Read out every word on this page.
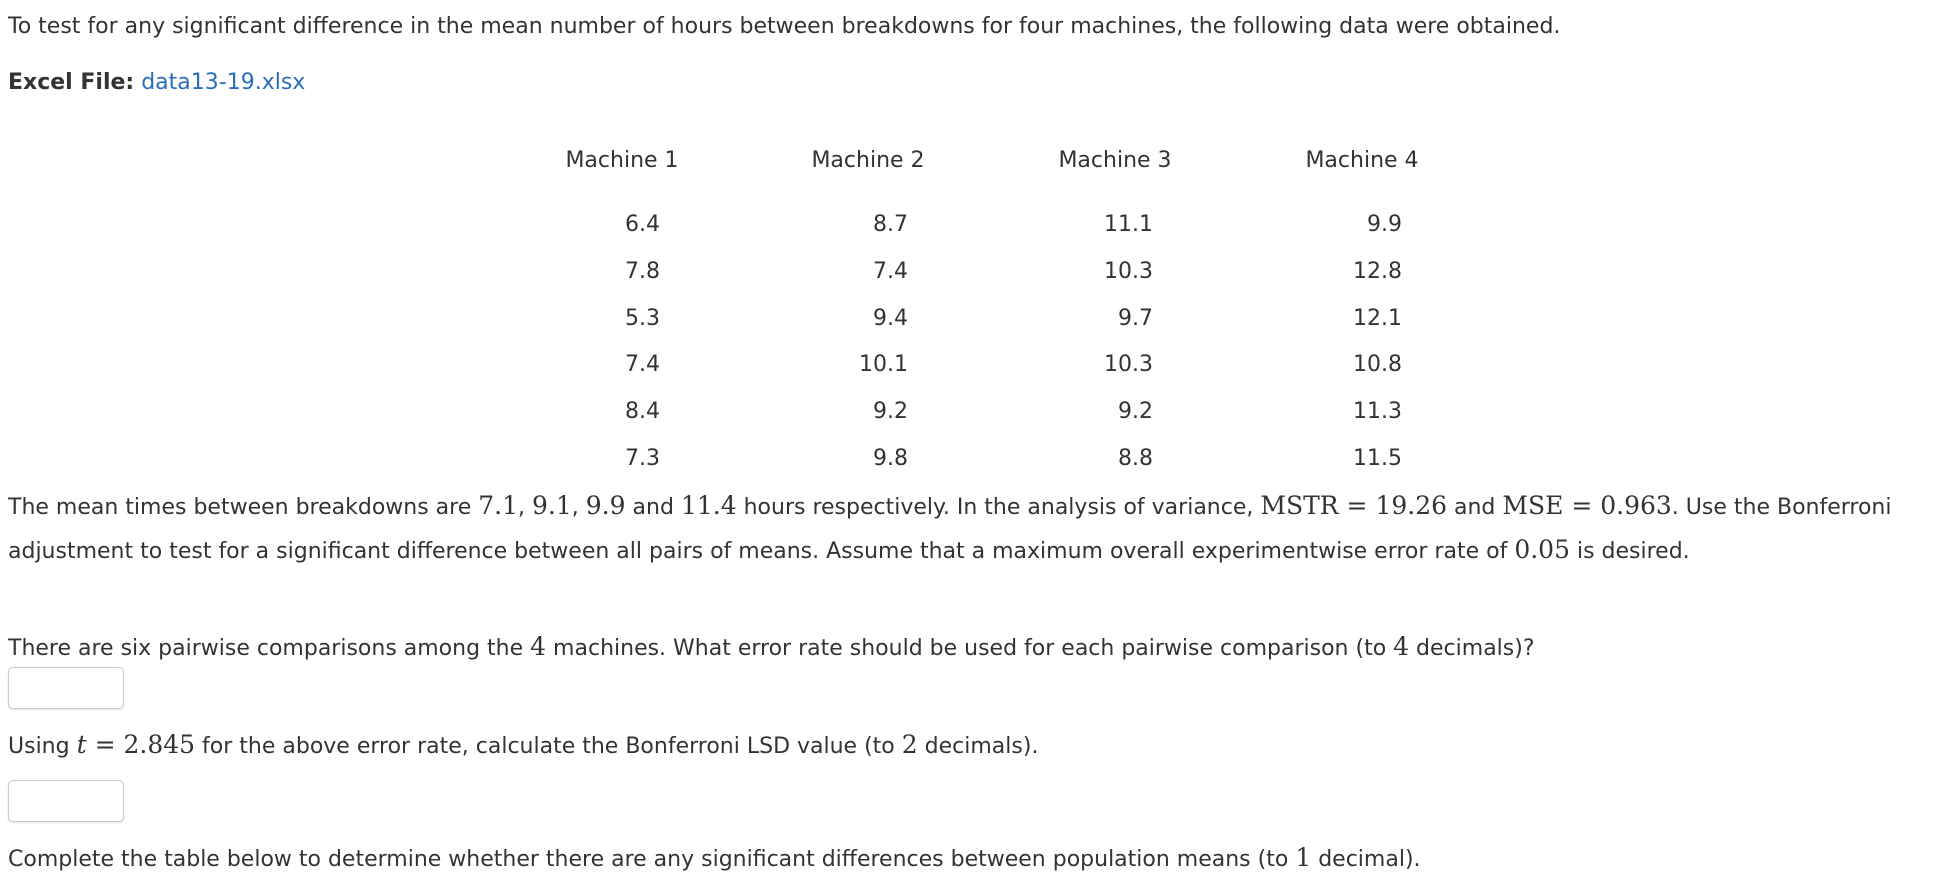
To test for any significant difference in the mean number of hours between breakdowns for four machines, the following data were obtained.
Excel File: data13-19.xlsx
Machine 1	Machine 2	Machine 3	Machine 4
6.4	8.7	11.1	9.9
7.8	7.4	10.3	12.8
5.3	9.4	9.7	12.1
7.4	10.1	10.3	10.8
8.4	9.2	9.2	11.3
7.3	9.8	8.8	11.5
The mean times between breakdowns are 7.1, 9.1, 9.9 and 11.4 hours respectively. In the analysis of variance, MSTR = 19.26 and MSE = 0.963. Use the Bonferroni adjustment to test for a significant difference between all pairs of means. Assume that a maximum overall experimentwise error rate of 0.05 is desired.
There are six pairwise comparisons among the 4 machines. What error rate should be used for each pairwise comparison (to 4 decimals)?
Using t = 2.845 for the above error rate, calculate the Bonferroni LSD value (to 2 decimals).
Complete the table below to determine whether there are any significant differences between population means (to 1 decimal).
